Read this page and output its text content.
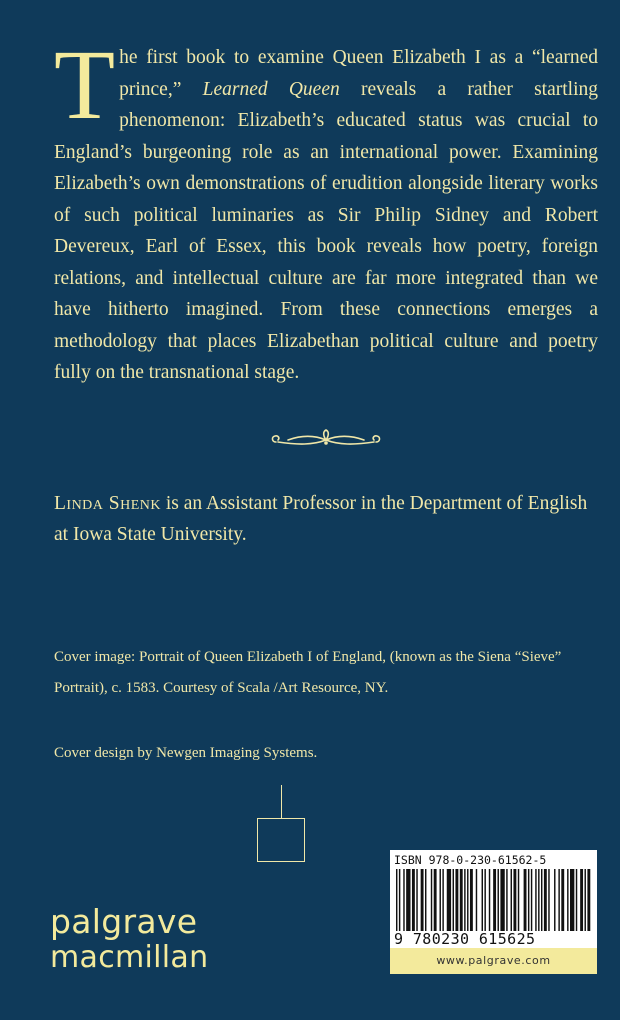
The first book to examine Queen Elizabeth I as a “learned prince,” Learned Queen reveals a rather startling phenomenon: Elizabeth’s educated status was crucial to England’s burgeoning role as an international power. Examining Elizabeth’s own demonstrations of erudition alongside literary works of such political luminaries as Sir Philip Sidney and Robert Devereux, Earl of Essex, this book reveals how poetry, foreign relations, and intellectual culture are far more integrated than we have hitherto imagined. From these connections emerges a methodology that places Elizabethan political culture and poetry fully on the transnational stage.

Linda Shenk is an Assistant Professor in the Department of English at Iowa State University.

Cover image: Portrait of Queen Elizabeth I of England, (known as the Siena “Sieve” Portrait), c. 1583. Courtesy of Scala /Art Resource, NY.

Cover design by Newgen Imaging Systems.

palgrave
macmillan
ISBN 978-0-230-61562-5
9 780230 615625
www.palgrave.com
